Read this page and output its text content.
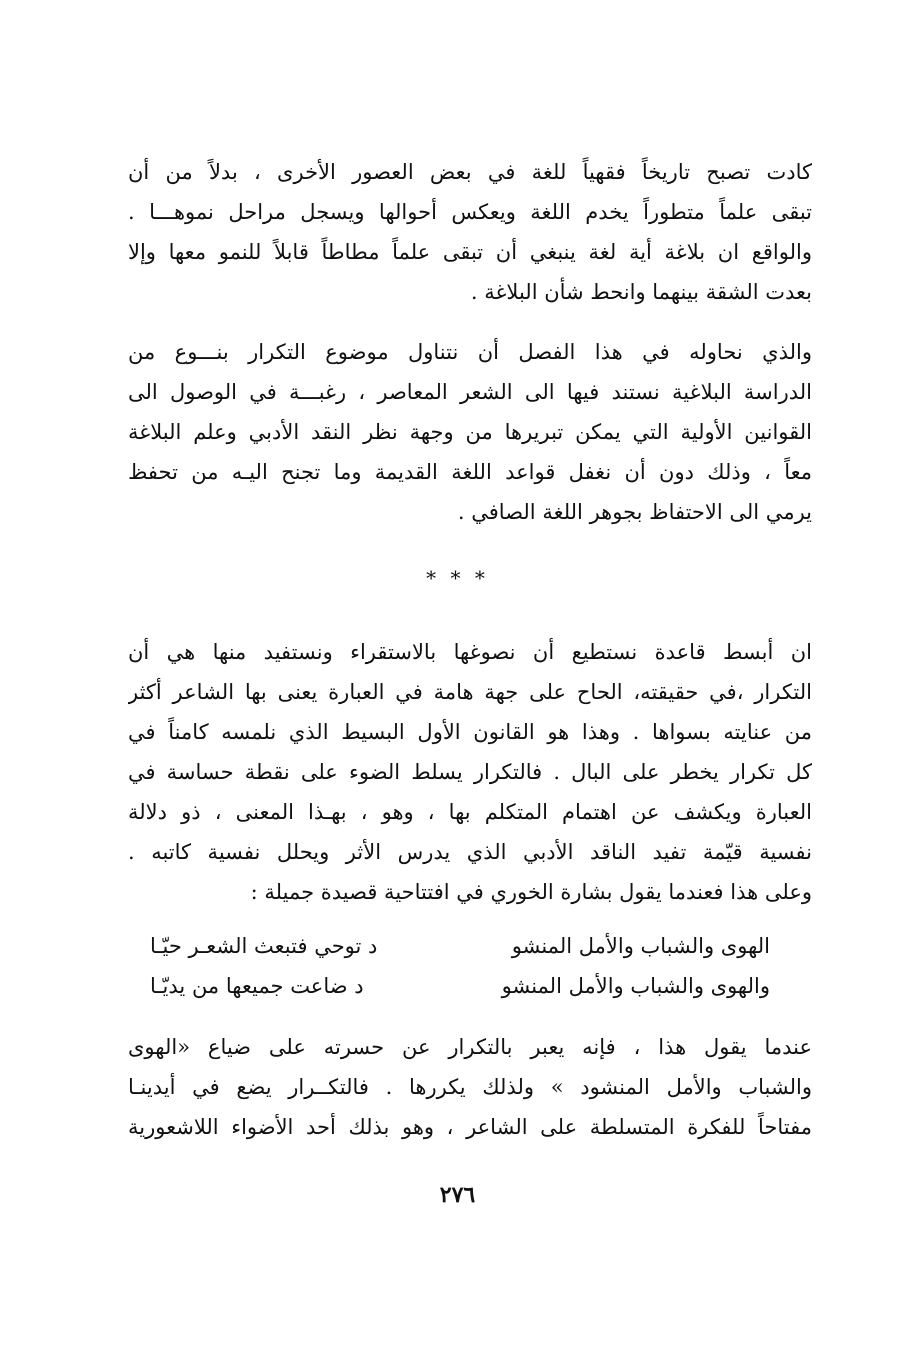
كادت تصبح تاريخاً فقهياً للغة في بعض العصور الأخرى ، بدلاً من أن
تبقى علماً متطوراً يخدم اللغة ويعكس أحوالها ويسجل مراحل نموهـــا .
والواقع ان بلاغة أية لغة ينبغي أن تبقى علماً مطاطاً قابلاً للنمو معها وإلا
بعدت الشقة بينهما وانحط شأن البلاغة .
والذي نحاوله في هذا الفصل أن نتناول موضوع التكرار بنـــوع من
الدراسة البلاغية نستند فيها الى الشعر المعاصر ، رغبـــة في الوصول الى
القوانين الأولية التي يمكن تبريرها من وجهة نظر النقد الأدبي وعلم البلاغة
معاً ، وذلك دون أن نغفل قواعد اللغة القديمة وما تجنح اليـه من تحفظ
يرمي الى الاحتفاظ بجوهر اللغة الصافي .
* * *
ان أبسط قاعدة نستطيع أن نصوغها بالاستقراء ونستفيد منها هي أن
التكرار ،في حقيقته، الحاح على جهة هامة في العبارة يعنى بها الشاعر أكثر
من عنايته بسواها . وهذا هو القانون الأول البسيط الذي نلمسه كامناً في
كل تكرار يخطر على البال . فالتكرار يسلط الضوء على نقطة حساسة في
العبارة ويكشف عن اهتمام المتكلم بها ، وهو ، بهـذا المعنى ، ذو دلالة
نفسية قيّمة تفيد الناقد الأدبي الذي يدرس الأثر ويحلل نفسية كاتبه .
وعلى هذا فعندما يقول بشارة الخوري في افتتاحية قصيدة جميلة :
الهوى والشباب والأمل المنشو
د توحي فتبعث الشعـر حيّـا
والهوى والشباب والأمل المنشو
د ضاعت جميعها من يديّـا
عندما يقول هذا ، فإنه يعبر بالتكرار عن حسرته على ضياع «الهوى
والشباب والأمل المنشود » ولذلك يكررها . فالتكــرار يضع في أيدينـا
مفتاحاً للفكرة المتسلطة على الشاعر ، وهو بذلك أحد الأضواء اللاشعورية
٢٧٦
